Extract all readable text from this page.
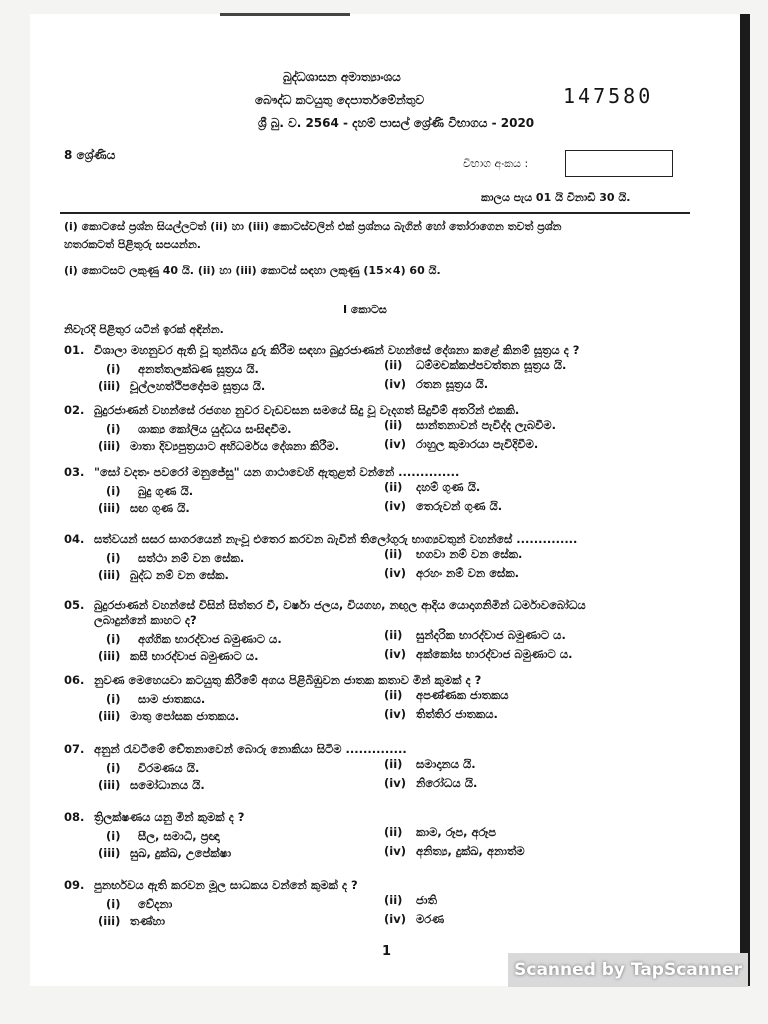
බුද්ධශාසන අමාත්‍යාංශය
බෞද්ධ කටයුතු දෙපාර්තමේන්තුව
ශ්‍රී බු. ව. 2564 - දහම් පාසල් ශ්‍රේණි විභාගය - 2020
147580
8 ශ්‍රේණිය
විභාග අංකය :
කාලය පැය 01 යි විනාඩි 30 යි.
(i) කොටසේ ප්‍රශ්න සියල්ලටත් (ii) හා (iii) කොටස්වලින් එක් ප්‍රශ්නය බැගින් හෝ තෝරාගෙන තවත් ප්‍රශ්න
හතරකටත් පිළිතුරු සපයන්න.
(i) කොටසට ලකුණු 40 යි. (ii) හා (iii) කොටස් සඳහා ලකුණු (15×4) 60 යි.
I කොටස
නිවැරදි පිළිතුර යටින් ඉරක් අඳින්න.
01. විශාලා මහනුවර ඇති වූ තුන්බිය දුරු කිරීම සඳහා බුදුරජාණන් වහන්සේ දේශනා කළේ කිනම් සූත්‍රය ද ?
(i) අනත්තලක්ඛණ සූත්‍රය යි.	(ii) ධම්මචක්කප්පවත්තන සූත්‍රය යි.
(iii) චූල්ලහත්ථිපදෝපම සූත්‍රය යි.	(iv) රතන සූත්‍රය යි.
02. බුදුරජාණන් වහන්සේ රජගහ නුවර වැඩවසන සමයේ සිදු වූ වැදගත් සිදුවීම් අතරින් එකකි.
(i) ශාක්‍ය කෝලිය යුද්ධය සංසිඳවීම.	(ii) සාන්තනාවන් පැවිද්ද ලැබවීම.
(iii) මාතා දිව්‍යපුත්‍රයාට අභිධර්මය දේශනා කිරීම.	(iv) රාහුල කුමාරයා පැවිදිවීම.
03. "සෝ වදතං පවරෝ මනුජේසු" යන ගාථාවෙහි ඇතුළත් වන්නේ ..............
(i) බුදු ගුණ යි.	(ii) දහම් ගුණ යි.
(iii) සඟ ගුණ යි.	(iv) තෙරුවන් ගුණ යි.
04. සත්වයන් සසර සාගරයෙන් නැංවූ එතෙර කරවන බැවින් තිලෝගුරු භාග්‍යවතුන් වහන්සේ ..............
(i) සත්ථා නම් වන සේක.	(ii) භගවා නම් වන සේක.
(iii) බුද්ධ නම් වන සේක.	(iv) අරහං නම් වන සේක.
05. බුදුරජාණන් වහන්සේ විසින් සිත්තර වී, වර්ෂා ජලය, වියගහ, නඟුල ආදිය යොදාගනිමින් ධර්මාවබෝධය
ලබාදුන්නේ කාහට ද?
(i) අග්ගික භාරද්වාජ බමුණාට ය.	(ii) සුන්දරික භාරද්වාජ බමුණාට ය.
(iii) කසී භාරද්වාජ බමුණාට ය.	(iv) අක්කෝස භාරද්වාජ බමුණාට ය.
06. නුවණ මෙහෙයවා කටයුතු කිරීමේ අගය පිළිබිඹුවන ජාතක කතාව මින් කුමක් ද ?
(i) සාම ජාතකය.	(ii) අපණ්ණක ජාතකය
(iii) මාතු පෝසක ජාතකය.	(iv) තිත්තිර ජාතකය.
07. අනුන් රැවටීමේ චේතනාවෙන් බොරු නොකියා සිටීම ..............
(i) විරමණය යි.	(ii) සමාදානය යි.
(iii) සමෝධානය යි.	(iv) නිරෝධය යි.
08. ත්‍රිලක්ෂණය යනු මින් කුමක් ද ?
(i) සීල, සමාධි, ප්‍රඥා	(ii) කාම, රූප, අරූප
(iii) සුඛ, දුක්ඛ, උපේක්ෂා	(iv) අනිත්‍ය, දුක්ඛ, අනාත්ම
09. පුනර්භවය ඇති කරවන මූල සාධකය වන්නේ කුමක් ද ?
(i) වේදනා	(ii) ජාති
(iii) තණ්හා	(iv) මරණ
1
Scanned by TapScanner
